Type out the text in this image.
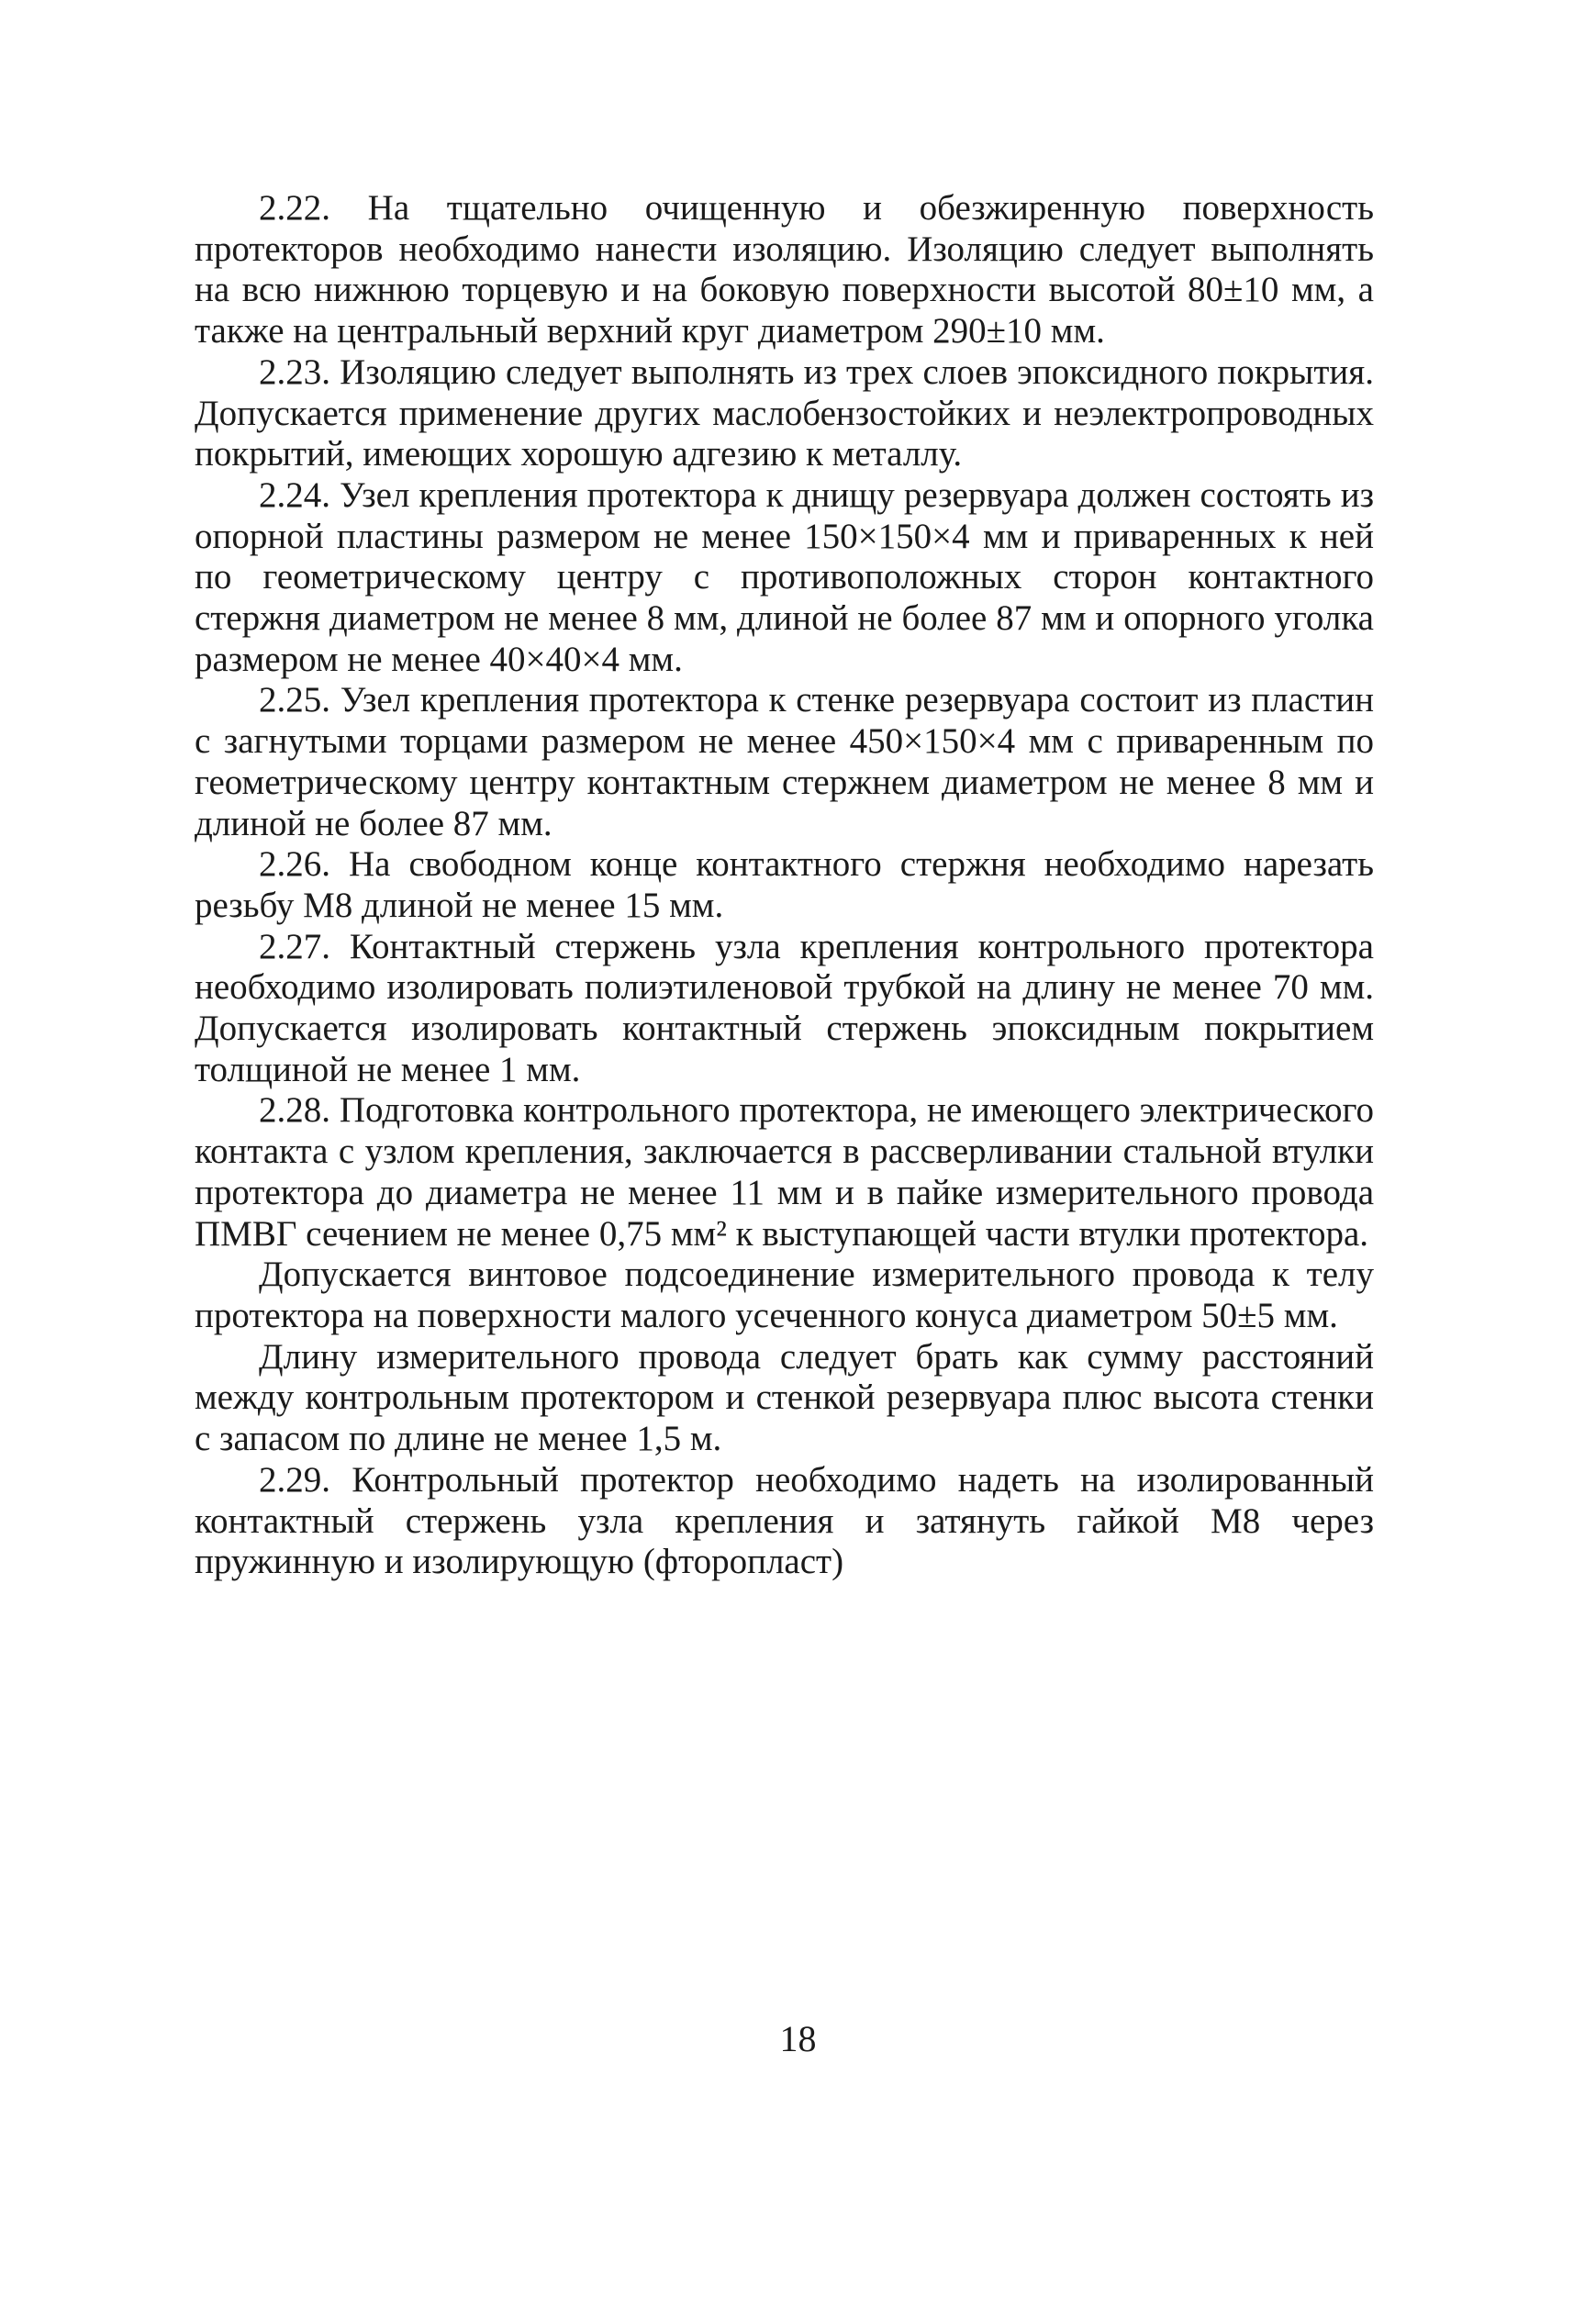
2.22. На тщательно очищенную и обезжиренную поверхность протекторов необходимо нанести изоляцию. Изоляцию следует выполнять на всю нижнюю торцевую и на боковую поверхности высотой 80±10 мм, а также на центральный верхний круг диаметром 290±10 мм.

2.23. Изоляцию следует выполнять из трех слоев эпоксидного покрытия. Допускается применение других маслобензостойких и неэлектропроводных покрытий, имеющих хорошую адгезию к металлу.

2.24. Узел крепления протектора к днищу резервуара должен состоять из опорной пластины размером не менее 150×150×4 мм и приваренных к ней по геометрическому центру с противоположных сторон контактного стержня диаметром не менее 8 мм, длиной не более 87 мм и опорного уголка размером не менее 40×40×4 мм.

2.25. Узел крепления протектора к стенке резервуара состоит из пластин с загнутыми торцами размером не менее 450×150×4 мм с приваренным по геометрическому центру контактным стержнем диаметром не менее 8 мм и длиной не более 87 мм.

2.26. На свободном конце контактного стержня необходимо нарезать резьбу М8 длиной не менее 15 мм.

2.27. Контактный стержень узла крепления контрольного протектора необходимо изолировать полиэтиленовой трубкой на длину не менее 70 мм. Допускается изолировать контактный стержень эпоксидным покрытием толщиной не менее 1 мм.

2.28. Подготовка контрольного протектора, не имеющего электрического контакта с узлом крепления, заключается в рассверливании стальной втулки протектора до диаметра не менее 11 мм и в пайке измерительного провода ПМВГ сечением не менее 0,75 мм² к выступающей части втулки протектора.

Допускается винтовое подсоединение измерительного провода к телу протектора на поверхности малого усеченного конуса диаметром 50±5 мм.

Длину измерительного провода следует брать как сумму расстояний между контрольным протектором и стенкой резервуара плюс высота стенки с запасом по длине не менее 1,5 м.

2.29. Контрольный протектор необходимо надеть на изолированный контактный стержень узла крепления и затянуть гайкой М8 через пружинную и изолирующую (фторопласт)

18
